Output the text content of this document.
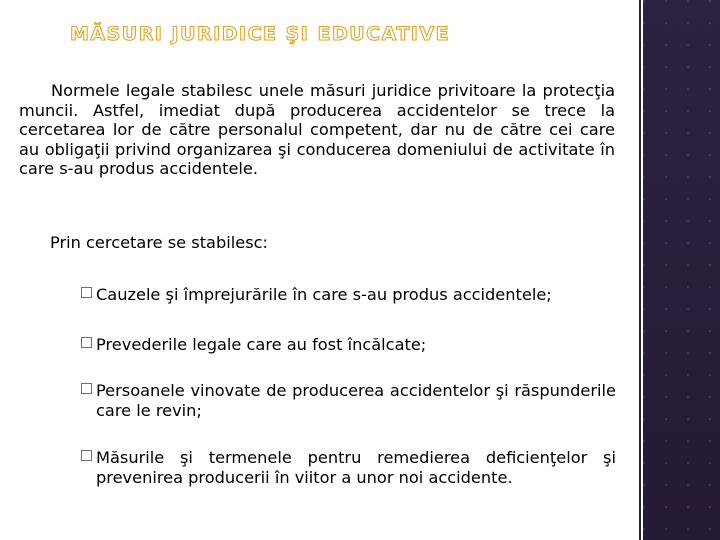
MĂSURI JURIDICE ŞI EDUCATIVE

Normele legale stabilesc unele măsuri juridice privitoare la protecţia muncii. Astfel, imediat după producerea accidentelor se trece la cercetarea lor de către personalul competent, dar nu de către cei care au obligaţii privind organizarea şi conducerea domeniului de activitate în care s-au produs accidentele.

Prin cercetare se stabilesc:

Cauzele şi împrejurările în care s-au produs accidentele;
Prevederile legale care au fost încălcate;
Persoanele vinovate de producerea accidentelor şi răspunderile care le revin;
Măsurile şi termenele pentru remedierea deficienţelor şi prevenirea producerii în viitor a unor noi accidente.
